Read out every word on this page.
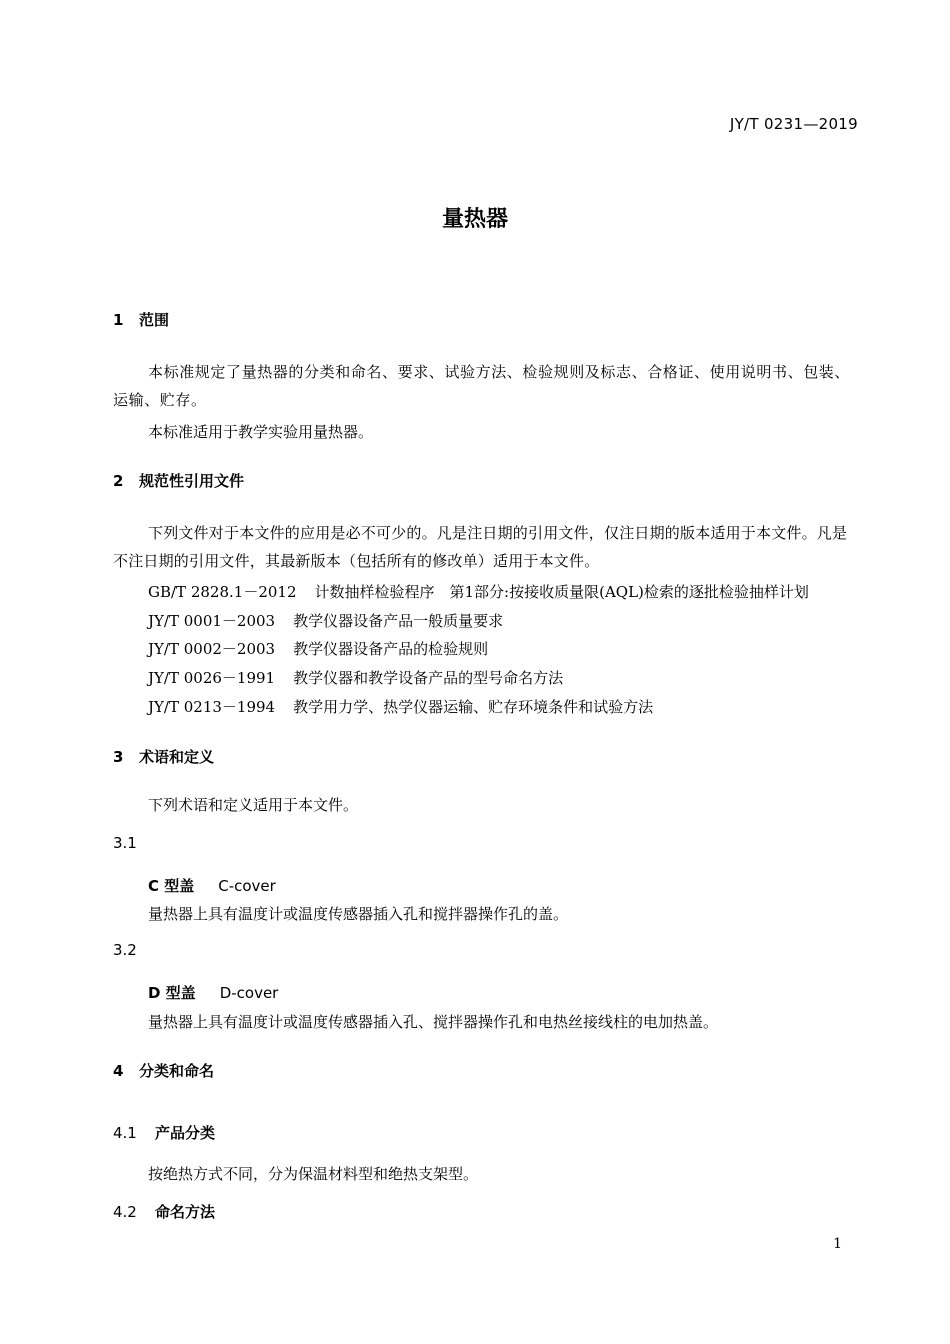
JY/T 0231—2019
量热器
1 范围
本标准规定了量热器的分类和命名、要求、试验方法、检验规则及标志、合格证、使用说明书、包装、运输、贮存。
本标准适用于教学实验用量热器。
2 规范性引用文件
下列文件对于本文件的应用是必不可少的。凡是注日期的引用文件，仅注日期的版本适用于本文件。凡是不注日期的引用文件，其最新版本（包括所有的修改单）适用于本文件。
GB/T 2828.1－2012 计数抽样检验程序　第1部分:按接收质量限(AQL)检索的逐批检验抽样计划
JY/T 0001－2003 教学仪器设备产品一般质量要求
JY/T 0002－2003 教学仪器设备产品的检验规则
JY/T 0026－1991 教学仪器和教学设备产品的型号命名方法
JY/T 0213－1994 教学用力学、热学仪器运输、贮存环境条件和试验方法
3 术语和定义
下列术语和定义适用于本文件。
3.1
C 型盖 C-cover
量热器上具有温度计或温度传感器插入孔和搅拌器操作孔的盖。
3.2
D 型盖 D-cover
量热器上具有温度计或温度传感器插入孔、搅拌器操作孔和电热丝接线柱的电加热盖。
4 分类和命名
4.1 产品分类
按绝热方式不同，分为保温材料型和绝热支架型。
4.2 命名方法
1
